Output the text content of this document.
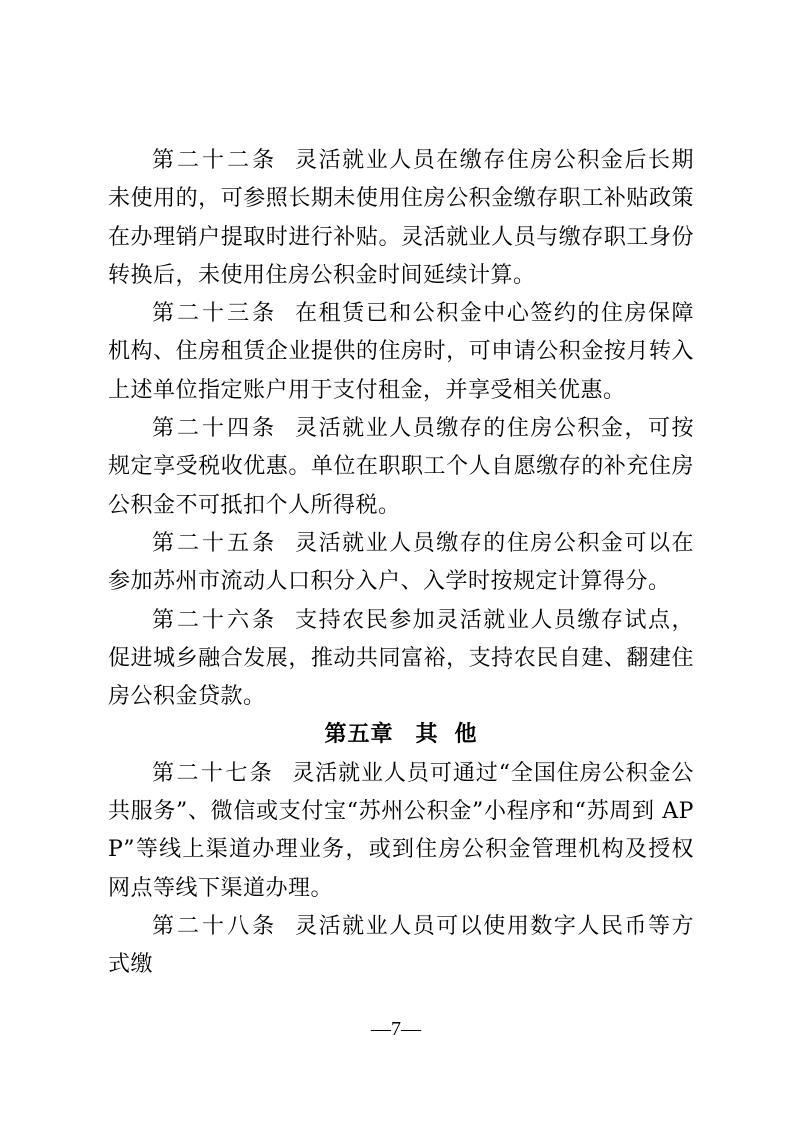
第二十二条 灵活就业人员在缴存住房公积金后长期未使用的，可参照长期未使用住房公积金缴存职工补贴政策在办理销户提取时进行补贴。灵活就业人员与缴存职工身份转换后，未使用住房公积金时间延续计算。

第二十三条 在租赁已和公积金中心签约的住房保障机构、住房租赁企业提供的住房时，可申请公积金按月转入上述单位指定账户用于支付租金，并享受相关优惠。

第二十四条 灵活就业人员缴存的住房公积金，可按规定享受税收优惠。单位在职职工个人自愿缴存的补充住房公积金不可抵扣个人所得税。

第二十五条 灵活就业人员缴存的住房公积金可以在参加苏州市流动人口积分入户、入学时按规定计算得分。

第二十六条 支持农民参加灵活就业人员缴存试点，促进城乡融合发展，推动共同富裕，支持农民自建、翻建住房公积金贷款。

第五章 其 他

第二十七条 灵活就业人员可通过“全国住房公积金公共服务”、微信或支付宝“苏州公积金”小程序和“苏周到 APP”等线上渠道办理业务，或到住房公积金管理机构及授权网点等线下渠道办理。

第二十八条 灵活就业人员可以使用数字人民币等方式缴

—7—
